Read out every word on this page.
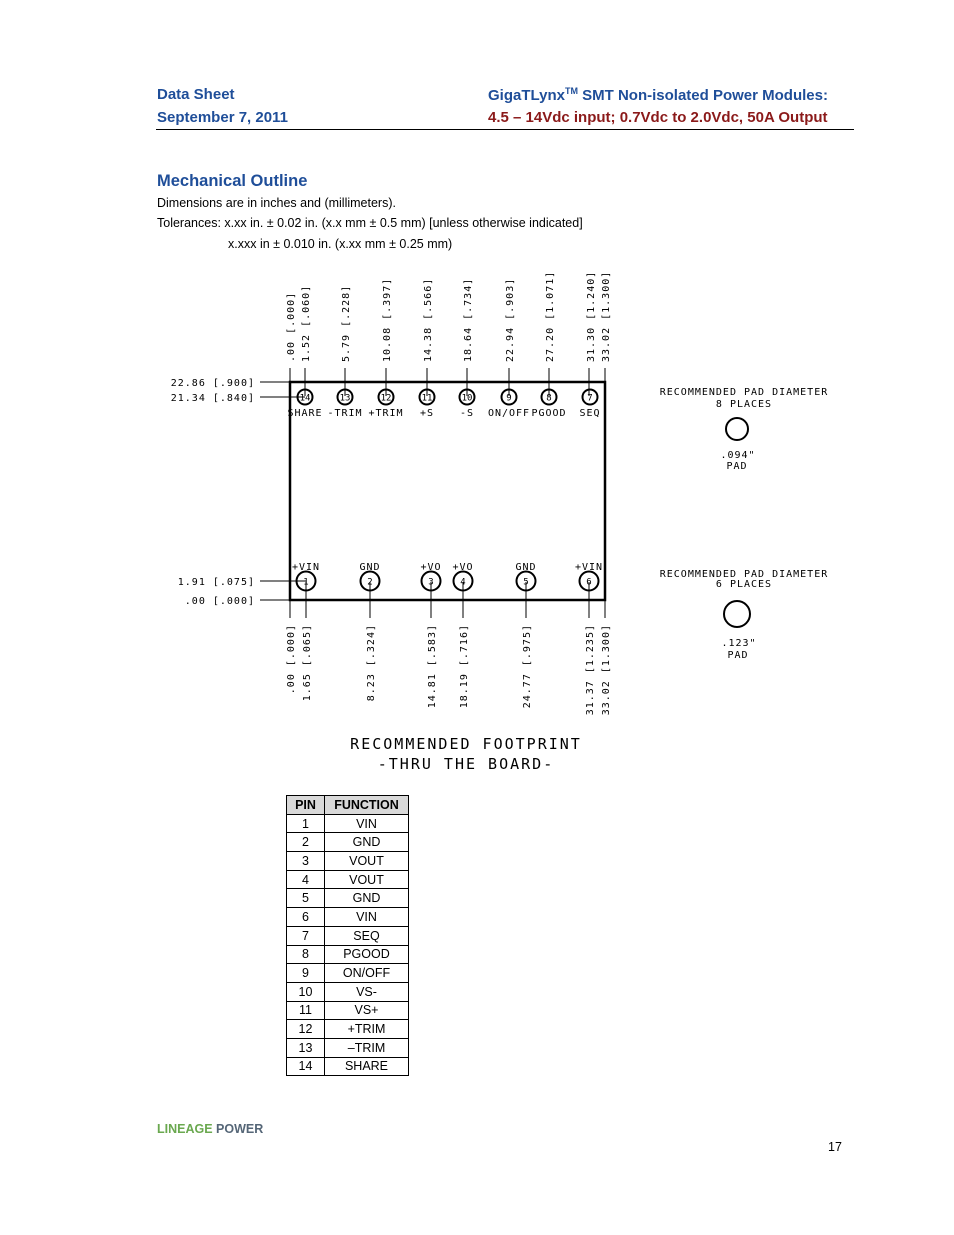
Data Sheet
September 7, 2011
GigaTLynx™ SMT Non-isolated Power Modules:
4.5 – 14Vdc input; 0.7Vdc to 2.0Vdc, 50A Output
Mechanical Outline
Dimensions are in inches and (millimeters).
Tolerances: x.xx in. ± 0.02 in. (x.x mm ± 0.5 mm) [unless otherwise indicated]
x.xxx in ± 0.010 in. (x.xx mm ± 0.25 mm)
.00 [.000] 1.52 [.060]	5.79 [.228]	10.08 [.397]	14.38 [.566]	18.64 [.734]	22.94 [.903]	27.20 [1.071]	31.30 [1.240] 33.02 [1.300]
.00 [.000] 1.65 [.065]	8.23 [.324]	14.81 [.583] 18.19 [.716]	24.77 [.975]	31.37 [1.235] 33.02 [1.300]
22.86 [.900]
21.34 [.840]
1.91 [.075]
.00 [.000]
14
SHARE
13
-TRIM
12
+TRIM
11
+S
10
-S
9
ON/OFF
8
PGOOD
7
SEQ
1
+VIN
2
GND
3
+VO
4
+VO
5
GND
6
+VIN
RECOMMENDED PAD DIAMETER
8 PLACES
.094"
PAD
RECOMMENDED PAD DIAMETER
6 PLACES
.123"
PAD
RECOMMENDED FOOTPRINT
-THRU THE BOARD-
PIN	FUNCTION
1	VIN
2	GND
3	VOUT
4	VOUT
5	GND
6	VIN
7	SEQ
8	PGOOD
9	ON/OFF
10	VS-
11	VS+
12	+TRIM
13	–TRIM
14	SHARE
LINEAGE POWER
17
